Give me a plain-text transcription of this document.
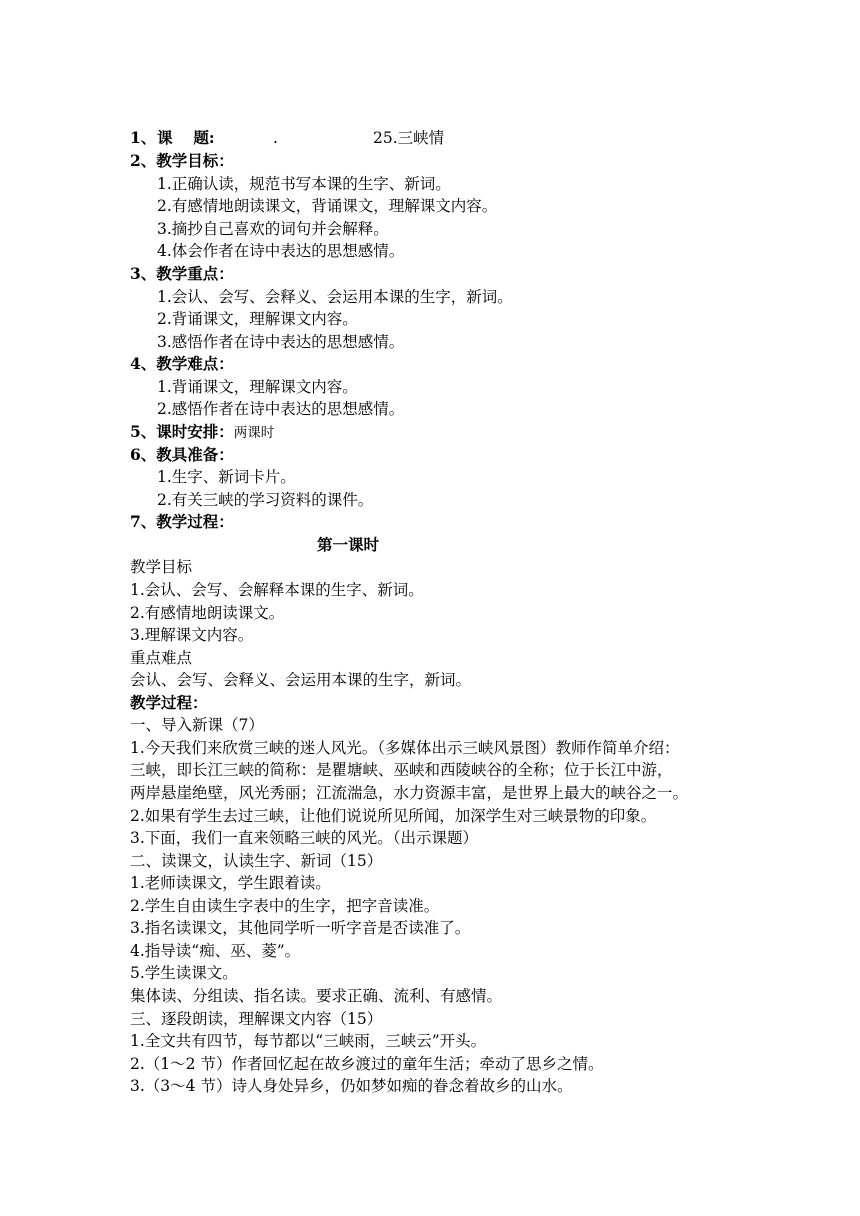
1、 课　 题:	.	25.三峡情
2、教学目标：
1.正确认读，规范书写本课的生字、新词。
2.有感情地朗读课文，背诵课文，理解课文内容。
3.摘抄自己喜欢的词句并会解释。
4.体会作者在诗中表达的思想感情。
3、教学重点：
1.会认、会写、会释义、会运用本课的生字，新词。
2.背诵课文，理解课文内容。
3.感悟作者在诗中表达的思想感情。
4、教学难点：
1.背诵课文，理解课文内容。
2.感悟作者在诗中表达的思想感情。
5、课时安排：两课时
6、教具准备：
1.生字、新词卡片。
2.有关三峡的学习资料的课件。
7、教学过程：
第一课时
教学目标
1.会认、会写、会解释本课的生字、新词。
2.有感情地朗读课文。
3.理解课文内容。
重点难点
会认、会写、会释义、会运用本课的生字，新词。
教学过程：
一、导入新课（7）
1.今天我们来欣赏三峡的迷人风光。（多媒体出示三峡风景图）教师作简单介绍：
三峡，即长江三峡的简称：是瞿塘峡、巫峡和西陵峡谷的全称；位于长江中游，
两岸悬崖绝壁，风光秀丽；江流湍急，水力资源丰富，是世界上最大的峡谷之一。
2.如果有学生去过三峡，让他们说说所见所闻，加深学生对三峡景物的印象。
3.下面，我们一直来领略三峡的风光。（出示课题）
二、读课文，认读生字、新词（15）
1.老师读课文，学生跟着读。
2.学生自由读生字表中的生字，把字音读准。
3.指名读课文，其他同学听一听字音是否读准了。
4.指导读“痴、巫、菱”。
5.学生读课文。
集体读、分组读、指名读。要求正确、流利、有感情。
三、逐段朗读，理解课文内容（15）
1.全文共有四节，每节都以“三峡雨，三峡云”开头。
2.（1～2 节）作者回忆起在故乡渡过的童年生活；牵动了思乡之情。
3.（3～4 节）诗人身处异乡，仍如梦如痴的眷念着故乡的山水。
